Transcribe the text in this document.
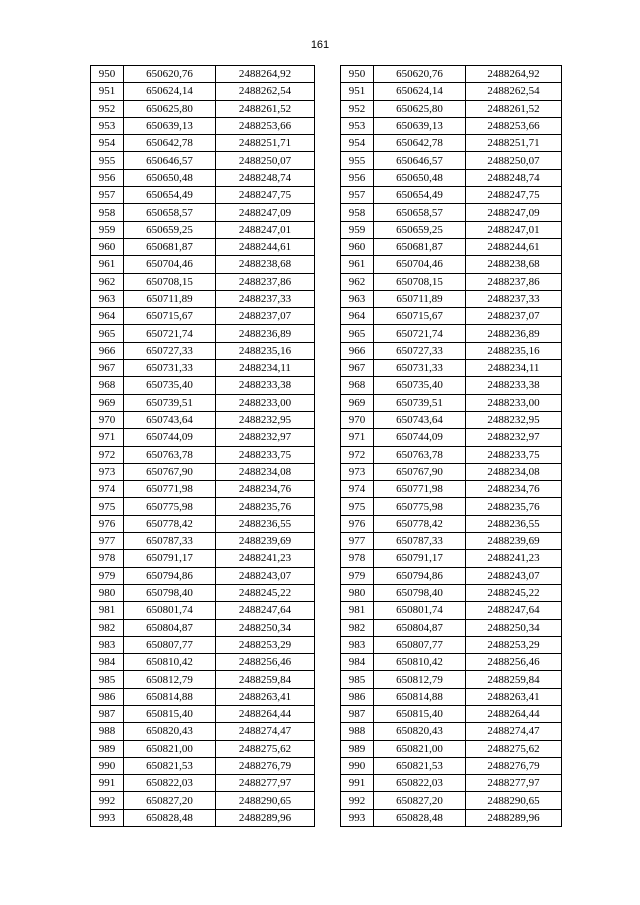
161
950	650620,76	2488264,92
951	650624,14	2488262,54
952	650625,80	2488261,52
953	650639,13	2488253,66
954	650642,78	2488251,71
955	650646,57	2488250,07
956	650650,48	2488248,74
957	650654,49	2488247,75
958	650658,57	2488247,09
959	650659,25	2488247,01
960	650681,87	2488244,61
961	650704,46	2488238,68
962	650708,15	2488237,86
963	650711,89	2488237,33
964	650715,67	2488237,07
965	650721,74	2488236,89
966	650727,33	2488235,16
967	650731,33	2488234,11
968	650735,40	2488233,38
969	650739,51	2488233,00
970	650743,64	2488232,95
971	650744,09	2488232,97
972	650763,78	2488233,75
973	650767,90	2488234,08
974	650771,98	2488234,76
975	650775,98	2488235,76
976	650778,42	2488236,55
977	650787,33	2488239,69
978	650791,17	2488241,23
979	650794,86	2488243,07
980	650798,40	2488245,22
981	650801,74	2488247,64
982	650804,87	2488250,34
983	650807,77	2488253,29
984	650810,42	2488256,46
985	650812,79	2488259,84
986	650814,88	2488263,41
987	650815,40	2488264,44
988	650820,43	2488274,47
989	650821,00	2488275,62
990	650821,53	2488276,79
991	650822,03	2488277,97
992	650827,20	2488290,65
993	650828,48	2488289,96
950	650620,76	2488264,92
951	650624,14	2488262,54
952	650625,80	2488261,52
953	650639,13	2488253,66
954	650642,78	2488251,71
955	650646,57	2488250,07
956	650650,48	2488248,74
957	650654,49	2488247,75
958	650658,57	2488247,09
959	650659,25	2488247,01
960	650681,87	2488244,61
961	650704,46	2488238,68
962	650708,15	2488237,86
963	650711,89	2488237,33
964	650715,67	2488237,07
965	650721,74	2488236,89
966	650727,33	2488235,16
967	650731,33	2488234,11
968	650735,40	2488233,38
969	650739,51	2488233,00
970	650743,64	2488232,95
971	650744,09	2488232,97
972	650763,78	2488233,75
973	650767,90	2488234,08
974	650771,98	2488234,76
975	650775,98	2488235,76
976	650778,42	2488236,55
977	650787,33	2488239,69
978	650791,17	2488241,23
979	650794,86	2488243,07
980	650798,40	2488245,22
981	650801,74	2488247,64
982	650804,87	2488250,34
983	650807,77	2488253,29
984	650810,42	2488256,46
985	650812,79	2488259,84
986	650814,88	2488263,41
987	650815,40	2488264,44
988	650820,43	2488274,47
989	650821,00	2488275,62
990	650821,53	2488276,79
991	650822,03	2488277,97
992	650827,20	2488290,65
993	650828,48	2488289,96
